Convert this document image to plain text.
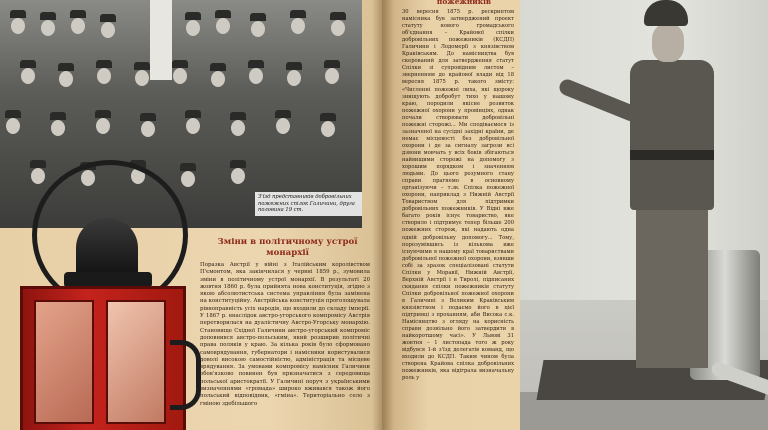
З'їзд представників добровільних пожежних спілок Галичини, друга половина 19 ст.
Зміни в політичному устрої монархії

Поразка Австрії у війні з Італійським королівством П'ємонтом, яка закінчилася у червні 1859 р., зумовила зміни в політичному устрої монархії. В результаті 20 жовтня 1860 р. була прийнята нова конституція, згідно з якою абсолютистська система управління була замінена на конституційну. Австрійська конституція проголошувала рівноправність усіх народів, що входили до складу імперії. У 1867 р. внаслідок австро-угорського компромісу Австрія перетворилася на дуалістичну Австро-Угорську монархію. Становище Східної Галичини австро-угорський компроміс доповнився австро-польським, який розширив політичні права поляків у краю. За кілька років було сформовано самоврядування, губернатори і намісники користувалися доволі високою самостійністю, адміністрація та місцеве врядування. За умовами компромісу намісник Галичини обов'язково повинен був призначатися з середовища польської аристократії. У Галичині поруч з українськими визначеннями «громада» широко вживався також його польський відповідник, «гміна». Територіально село з гміною здебільшого

пожежників

30 вересня 1875 р. рескриптом намісника був затверджений проект статуту нового громадського об'єднання – Крайової спілки добровільних пожежників (КСДП) Галичини і Лодомерії з князівством Краківським. До намісництва був скерований для затвердження статут Спілки зі супровідним листом – зверненням до крайової влади від 18 вересня 1875 р. такого змісту: «Численні пожежні лиха, які щороку знищують добробут тихо у нашому краю, породили якісне розвиток пожежної охорони у провінціях, однак почали створювати добровільні пожежні сторожі... Ми сподіваємося із зазначеної на сусідні західні країни, де немає місцевості без добровільної охорони і де за сигналу загрози всі дзвони мовчать у всіх боків збігаються найвищими сторожі на допомогу з хорошим порядком і значенням людьми. До цього розумного стану справи прагнемо в основному організуючи – т.зв. Спілка пожежної охорони, наприклад з Нижній Австрії Товариством для підтримки добровільних пожежників. У Відні вже багато років існує товариство, яке створило і підтримує тепер більше 200 пожежних сторож, які надають одна одній добровільну допомогу... Тому, порозумівшись із кількома вже існуючими в нашому краї товариствами добровільної пожежної охорони, взявши собі за зразок спеціалізовані статути Спілки у Моравії, Нижній Австрії, Верхній Австрії і в Тиролі, підписаних скидання спілки пожежників статуту Спілки добровільної пожежної охорони в Галичині з Великим Краківським князівством і подаємо його в цієї підтримці з проханням, аби Висока с.к. Намісництво з огляду на корисність справи дозвільно його затвердити в найкоротшому часі». У Львові 31 жовтня – 1 листопада того ж року відбувся 1-й з'їзд делегатів команд, що входили до КСДП. Таким чином була створена Крайова спілка добровільних пожежників, яка відіграла визначальну роль у
